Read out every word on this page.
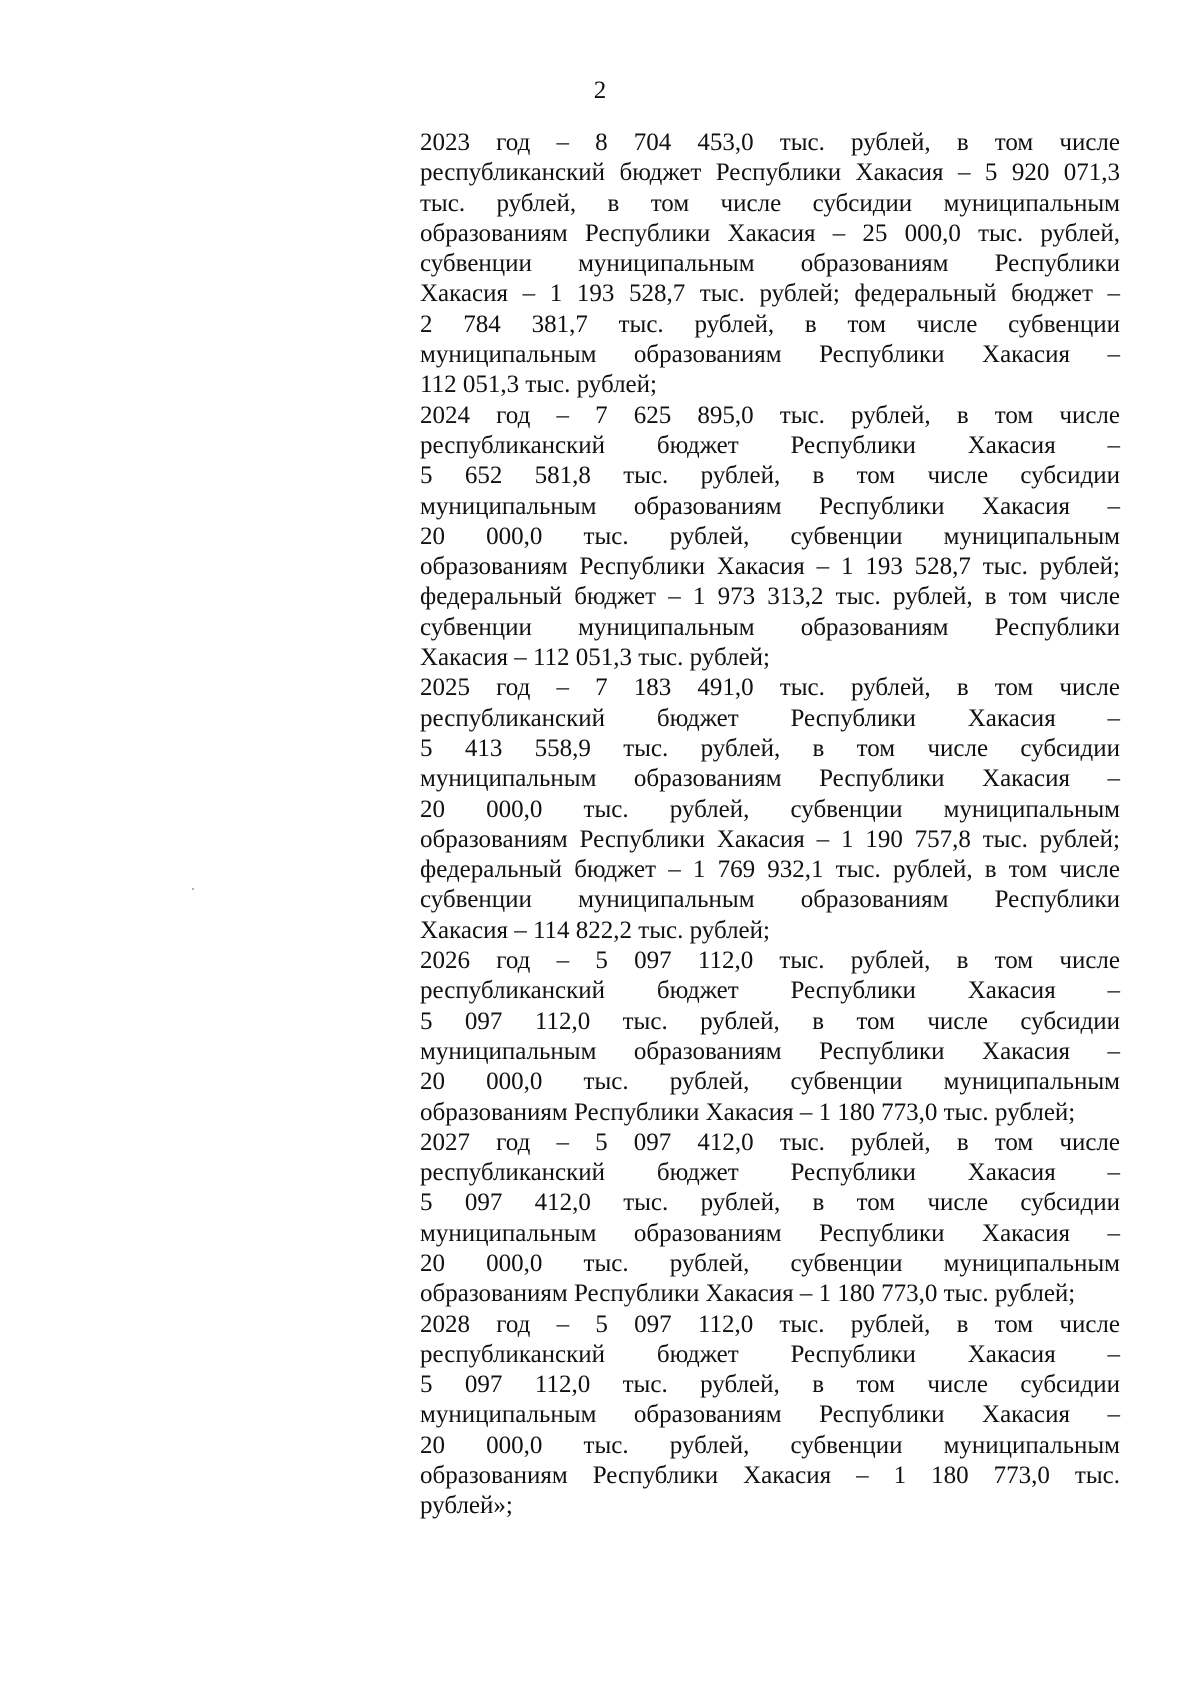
2
2023 год – 8 704 453,0 тыс. рублей, в том числе
республиканский бюджет Республики Хакасия – 5 920 071,3
тыс. рублей, в том числе субсидии муниципальным
образованиям Республики Хакасия – 25 000,0 тыс. рублей,
субвенции муниципальным образованиям Республики
Хакасия – 1 193 528,7 тыс. рублей; федеральный бюджет –
2 784 381,7 тыс. рублей, в том числе субвенции
муниципальным образованиям Республики Хакасия –
112 051,3 тыс. рублей;
2024 год – 7 625 895,0 тыс. рублей, в том числе
республиканский бюджет Республики Хакасия –
5 652 581,8 тыс. рублей, в том числе субсидии
муниципальным образованиям Республики Хакасия –
20 000,0 тыс. рублей, субвенции муниципальным
образованиям Республики Хакасия – 1 193 528,7 тыс. рублей;
федеральный бюджет – 1 973 313,2 тыс. рублей, в том числе
субвенции муниципальным образованиям Республики
Хакасия – 112 051,3 тыс. рублей;
2025 год – 7 183 491,0 тыс. рублей, в том числе
республиканский бюджет Республики Хакасия –
5 413 558,9 тыс. рублей, в том числе субсидии
муниципальным образованиям Республики Хакасия –
20 000,0 тыс. рублей, субвенции муниципальным
образованиям Республики Хакасия – 1 190 757,8 тыс. рублей;
федеральный бюджет – 1 769 932,1 тыс. рублей, в том числе
субвенции муниципальным образованиям Республики
Хакасия – 114 822,2 тыс. рублей;
2026 год – 5 097 112,0 тыс. рублей, в том числе
республиканский бюджет Республики Хакасия –
5 097 112,0 тыс. рублей, в том числе субсидии
муниципальным образованиям Республики Хакасия –
20 000,0 тыс. рублей, субвенции муниципальным
образованиям Республики Хакасия – 1 180 773,0 тыс. рублей;
2027 год – 5 097 412,0 тыс. рублей, в том числе
республиканский бюджет Республики Хакасия –
5 097 412,0 тыс. рублей, в том числе субсидии
муниципальным образованиям Республики Хакасия –
20 000,0 тыс. рублей, субвенции муниципальным
образованиям Республики Хакасия – 1 180 773,0 тыс. рублей;
2028 год – 5 097 112,0 тыс. рублей, в том числе
республиканский бюджет Республики Хакасия –
5 097 112,0 тыс. рублей, в том числе субсидии
муниципальным образованиям Республики Хакасия –
20 000,0 тыс. рублей, субвенции муниципальным
образованиям Республики Хакасия – 1 180 773,0 тыс.
рублей»;
